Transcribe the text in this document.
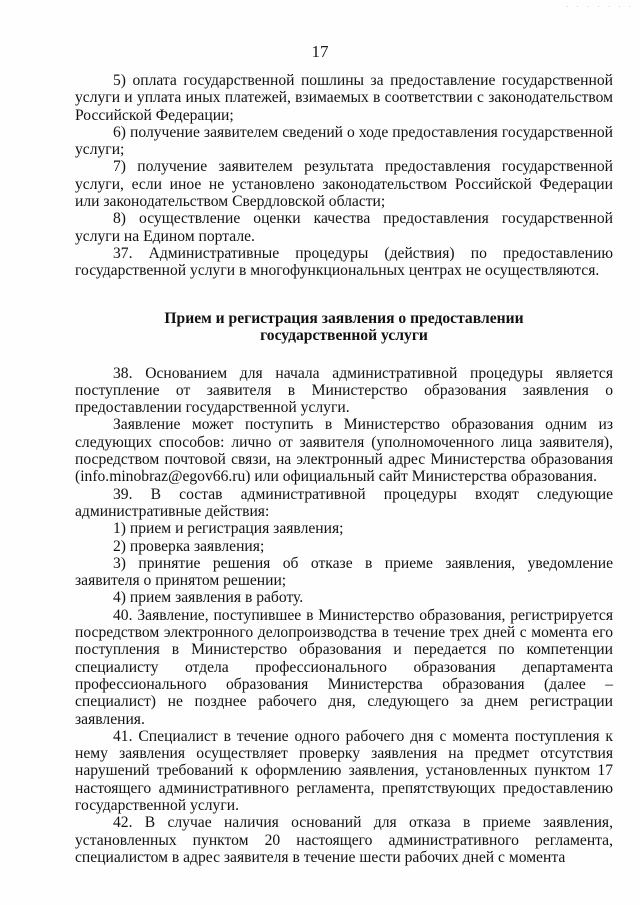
· · · · · · ·
17

5) оплата государственной пошлины за предоставление государственной услуги и уплата иных платежей, взимаемых в соответствии с законодательством Российской Федерации;

6) получение заявителем сведений о ходе предоставления государственной услуги;

7) получение заявителем результата предоставления государственной услуги, если иное не установлено законодательством Российской Федерации или законодательством Свердловской области;

8) осуществление оценки качества предоставления государственной услуги на Едином портале.

37. Административные процедуры (действия) по предоставлению государственной услуги в многофункциональных центрах не осуществляются.

Прием и регистрация заявления о предоставлении государственной услуги

38. Основанием для начала административной процедуры является поступление от заявителя в Министерство образования заявления о предоставлении государственной услуги.

Заявление может поступить в Министерство образования одним из следующих способов: лично от заявителя (уполномоченного лица заявителя), посредством почтовой связи, на электронный адрес Министерства образования (info.minobraz@egov66.ru) или официальный сайт Министерства образования.

39. В состав административной процедуры входят следующие административные действия:

1) прием и регистрация заявления;

2) проверка заявления;

3) принятие решения об отказе в приеме заявления, уведомление заявителя о принятом решении;

4) прием заявления в работу.

40. Заявление, поступившее в Министерство образования, регистрируется посредством электронного делопроизводства в течение трех дней с момента его поступления в Министерство образования и передается по компетенции специалисту отдела профессионального образования департамента профессионального образования Министерства образования (далее – специалист) не позднее рабочего дня, следующего за днем регистрации заявления.

41. Специалист в течение одного рабочего дня с момента поступления к нему заявления осуществляет проверку заявления на предмет отсутствия нарушений требований к оформлению заявления, установленных пунктом 17 настоящего административного регламента, препятствующих предоставлению государственной услуги.

42. В случае наличия оснований для отказа в приеме заявления, установленных пунктом 20 настоящего административного регламента, специалистом в адрес заявителя в течение шести рабочих дней с момента
